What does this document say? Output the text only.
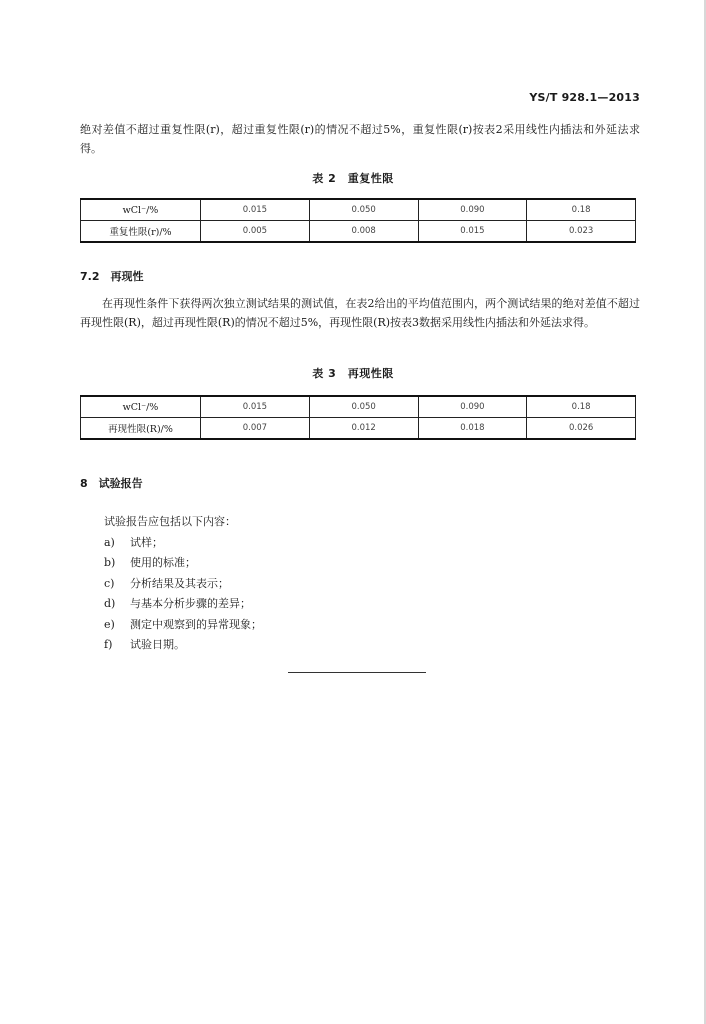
YS/T 928.1—2013
绝对差值不超过重复性限(r)，超过重复性限(r)的情况不超过5%，重复性限(r)按表2采用线性内插法和外延法求得。
表 2　重复性限
wCl⁻/%	0.015	0.050	0.090	0.18
重复性限(r)/%	0.005	0.008	0.015	0.023
7.2　再现性
在再现性条件下获得两次独立测试结果的测试值，在表2给出的平均值范围内，两个测试结果的绝对差值不超过再现性限(R)，超过再现性限(R)的情况不超过5%，再现性限(R)按表3数据采用线性内插法和外延法求得。
表 3　再现性限
wCl⁻/%	0.015	0.050	0.090	0.18
再现性限(R)/%	0.007	0.012	0.018	0.026
8　试验报告
试验报告应包括以下内容：
a) 试样；
b) 使用的标准；
c) 分析结果及其表示；
d) 与基本分析步骤的差异；
e) 测定中观察到的异常现象；
f) 试验日期。
